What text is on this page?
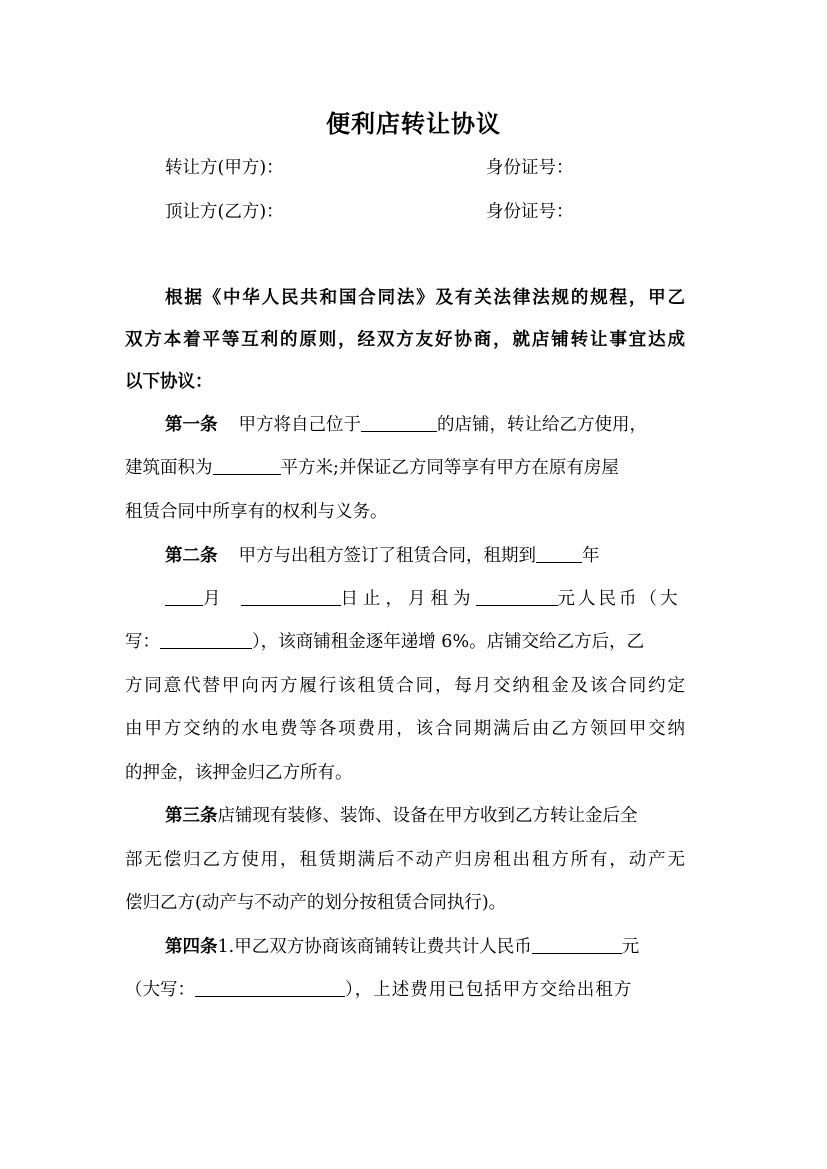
便利店转让协议
转让方(甲方)：	身份证号：
顶让方(乙方)：	身份证号：
根据《中华人民共和国合同法》及有关法律法规的规程，甲乙
双方本着平等互利的原则，经双方友好协商，就店铺转让事宜达成
以下协议：
第一条 甲方将自己位于	的店铺，转让给乙方使用，
建筑面积为	平方米;并保证乙方同等享有甲方在原有房屋
租赁合同中所享有的权利与义务。
第二条 甲方与出租方签订了租赁合同，租期到	年
月	日止，月租为	元人民币（大
写：	），该商铺租金逐年递增 6%。店铺交给乙方后，乙
方同意代替甲向丙方履行该租赁合同，每月交纳租金及该合同约定
由甲方交纳的水电费等各项费用，该合同期满后由乙方领回甲交纳
的押金，该押金归乙方所有。
第三条店铺现有装修、装饰、设备在甲方收到乙方转让金后全
部无偿归乙方使用，租赁期满后不动产归房租出租方所有，动产无
偿归乙方(动产与不动产的划分按租赁合同执行)。
第四条1.甲乙双方协商该商铺转让费共计人民币	元
（大写：	），上述费用已包括甲方交给出租方
